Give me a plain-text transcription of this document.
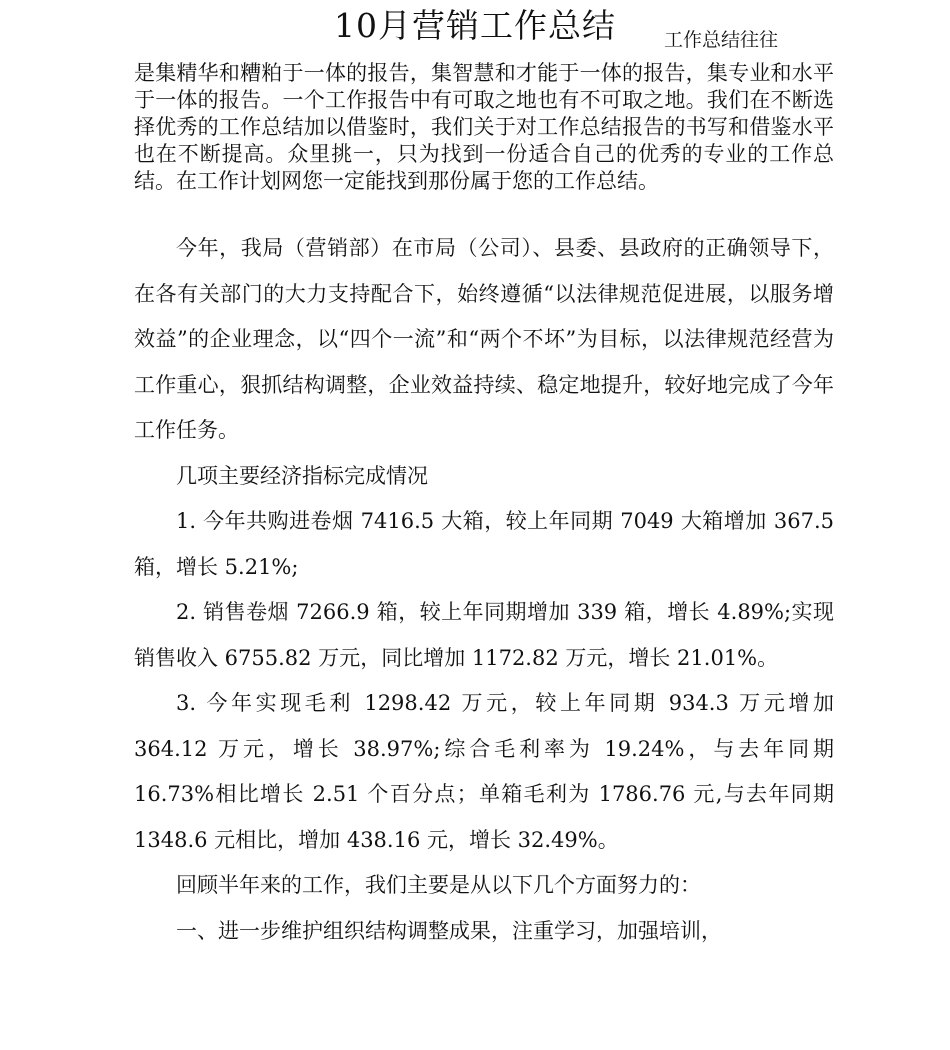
10月营销工作总结	工作总结往往

是集精华和糟粕于一体的报告，集智慧和才能于一体的报告，集专业和水平于一体的报告。一个工作报告中有可取之地也有不可取之地。我们在不断选择优秀的工作总结加以借鉴时，我们关于对工作总结报告的书写和借鉴水平也在不断提高。众里挑一，只为找到一份适合自己的优秀的专业的工作总结。在工作计划网您一定能找到那份属于您的工作总结。

今年，我局（营销部）在市局（公司）、县委、县政府的正确领导下，在各有关部门的大力支持配合下，始终遵循“以法律规范促进展，以服务增效益”的企业理念，以“四个一流”和“两个不坏”为目标，以法律规范经营为工作重心，狠抓结构调整，企业效益持续、稳定地提升，较好地完成了今年工作任务。

几项主要经济指标完成情况

1. 今年共购进卷烟 7416.5 大箱，较上年同期 7049 大箱增加 367.5 箱，增长 5.21%;

2. 销售卷烟 7266.9 箱，较上年同期增加 339 箱，增长 4.89%;实现销售收入 6755.82 万元，同比增加 1172.82 万元，增长 21.01%。

3. 今年实现毛利 1298.42 万元，较上年同期 934.3 万元增加 364.12 万元，增长 38.97%;综合毛利率为 19.24%，与去年同期 16.73%相比增长 2.51 个百分点；单箱毛利为 1786.76 元,与去年同期 1348.6 元相比，增加 438.16 元，增长 32.49%。

回顾半年来的工作，我们主要是从以下几个方面努力的：

一、进一步维护组织结构调整成果，注重学习，加强培训，
